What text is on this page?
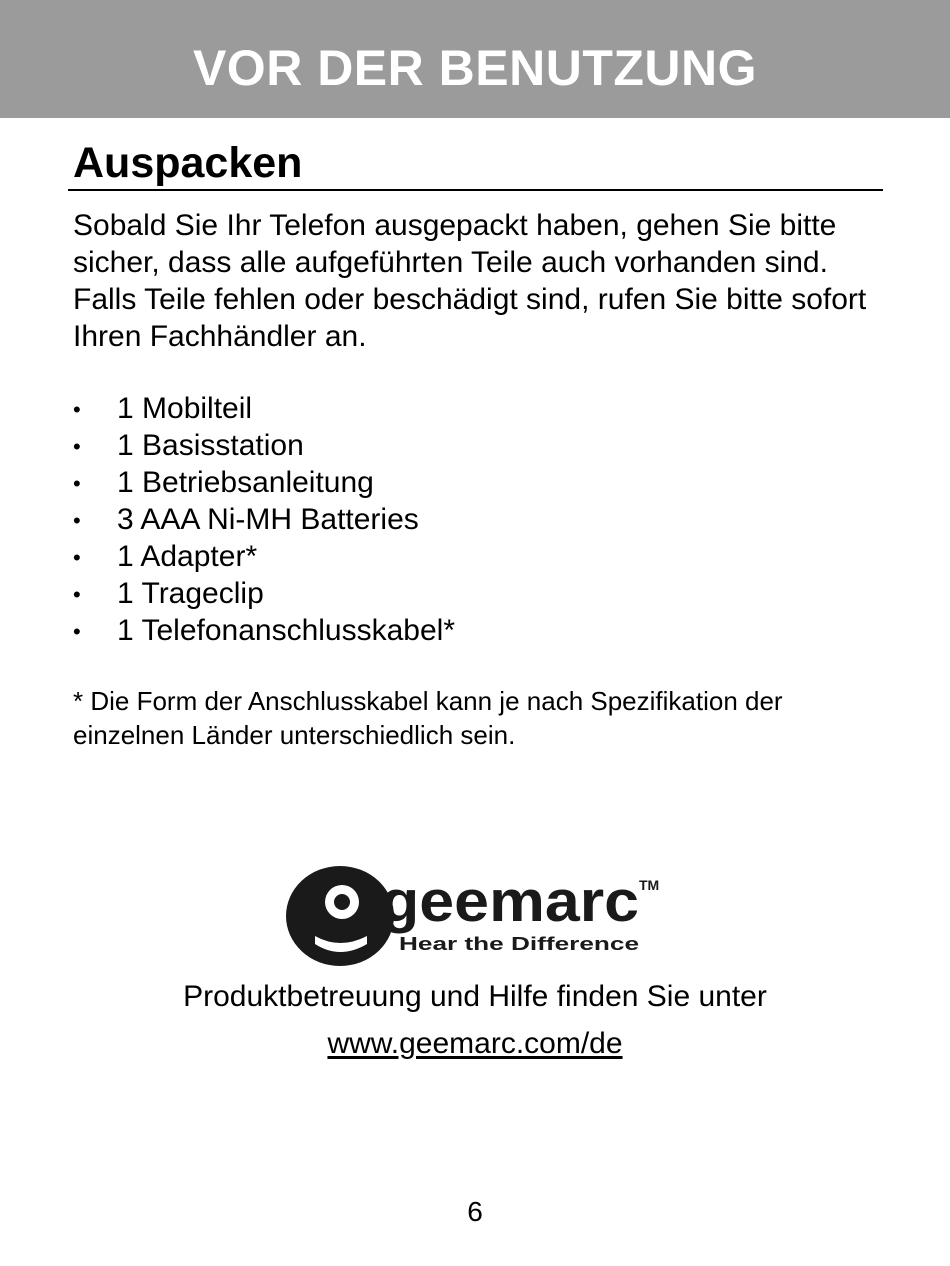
VOR DER BENUTZUNG
Auspacken
Sobald Sie Ihr Telefon ausgepackt haben, gehen Sie bitte sicher, dass alle aufgeführten Teile auch vorhanden sind. Falls Teile fehlen oder beschädigt sind, rufen Sie bitte sofort Ihren Fachhändler an.
• 1 Mobilteil
• 1 Basisstation
• 1 Betriebsanleitung
• 3 AAA Ni-MH Batteries
• 1 Adapter*
• 1 Trageclip
• 1 Telefonanschlusskabel*
* Die Form der Anschlusskabel kann je nach Spezifikation der einzelnen Länder unterschiedlich sein.
geemarc TM
Hear the Difference
Produktbetreuung und Hilfe finden Sie unter
www.geemarc.com/de
6
